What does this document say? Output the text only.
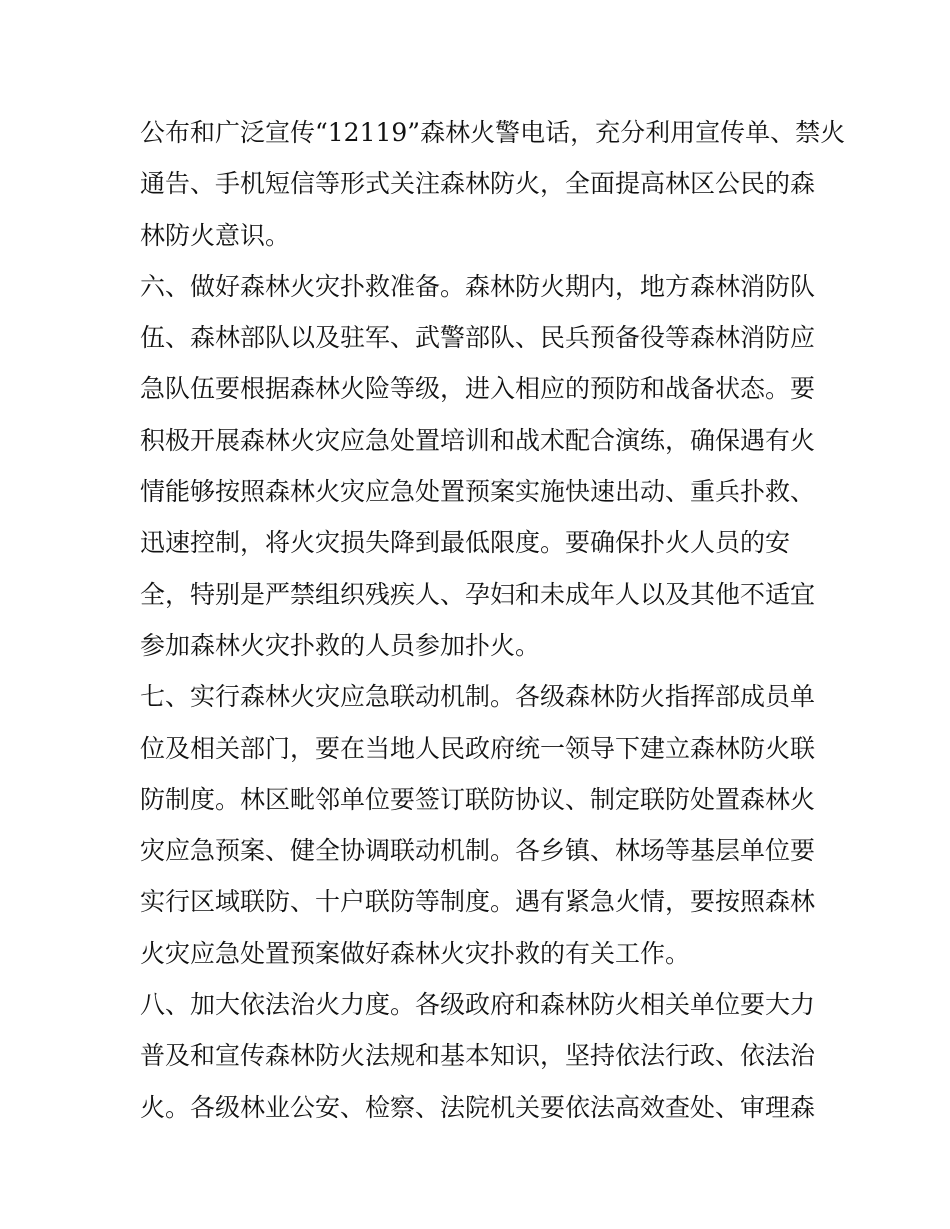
公布和广泛宣传“12119”森林火警电话，充分利用宣传单、禁火
通告、手机短信等形式关注森林防火，全面提高林区公民的森
林防火意识。
六、做好森林火灾扑救准备。森林防火期内，地方森林消防队
伍、森林部队以及驻军、武警部队、民兵预备役等森林消防应
急队伍要根据森林火险等级，进入相应的预防和战备状态。要
积极开展森林火灾应急处置培训和战术配合演练，确保遇有火
情能够按照森林火灾应急处置预案实施快速出动、重兵扑救、
迅速控制，将火灾损失降到最低限度。要确保扑火人员的安
全，特别是严禁组织残疾人、孕妇和未成年人以及其他不适宜
参加森林火灾扑救的人员参加扑火。
七、实行森林火灾应急联动机制。各级森林防火指挥部成员单
位及相关部门，要在当地人民政府统一领导下建立森林防火联
防制度。林区毗邻单位要签订联防协议、制定联防处置森林火
灾应急预案、健全协调联动机制。各乡镇、林场等基层单位要
实行区域联防、十户联防等制度。遇有紧急火情，要按照森林
火灾应急处置预案做好森林火灾扑救的有关工作。
八、加大依法治火力度。各级政府和森林防火相关单位要大力
普及和宣传森林防火法规和基本知识，坚持依法行政、依法治
火。各级林业公安、检察、法院机关要依法高效查处、审理森
